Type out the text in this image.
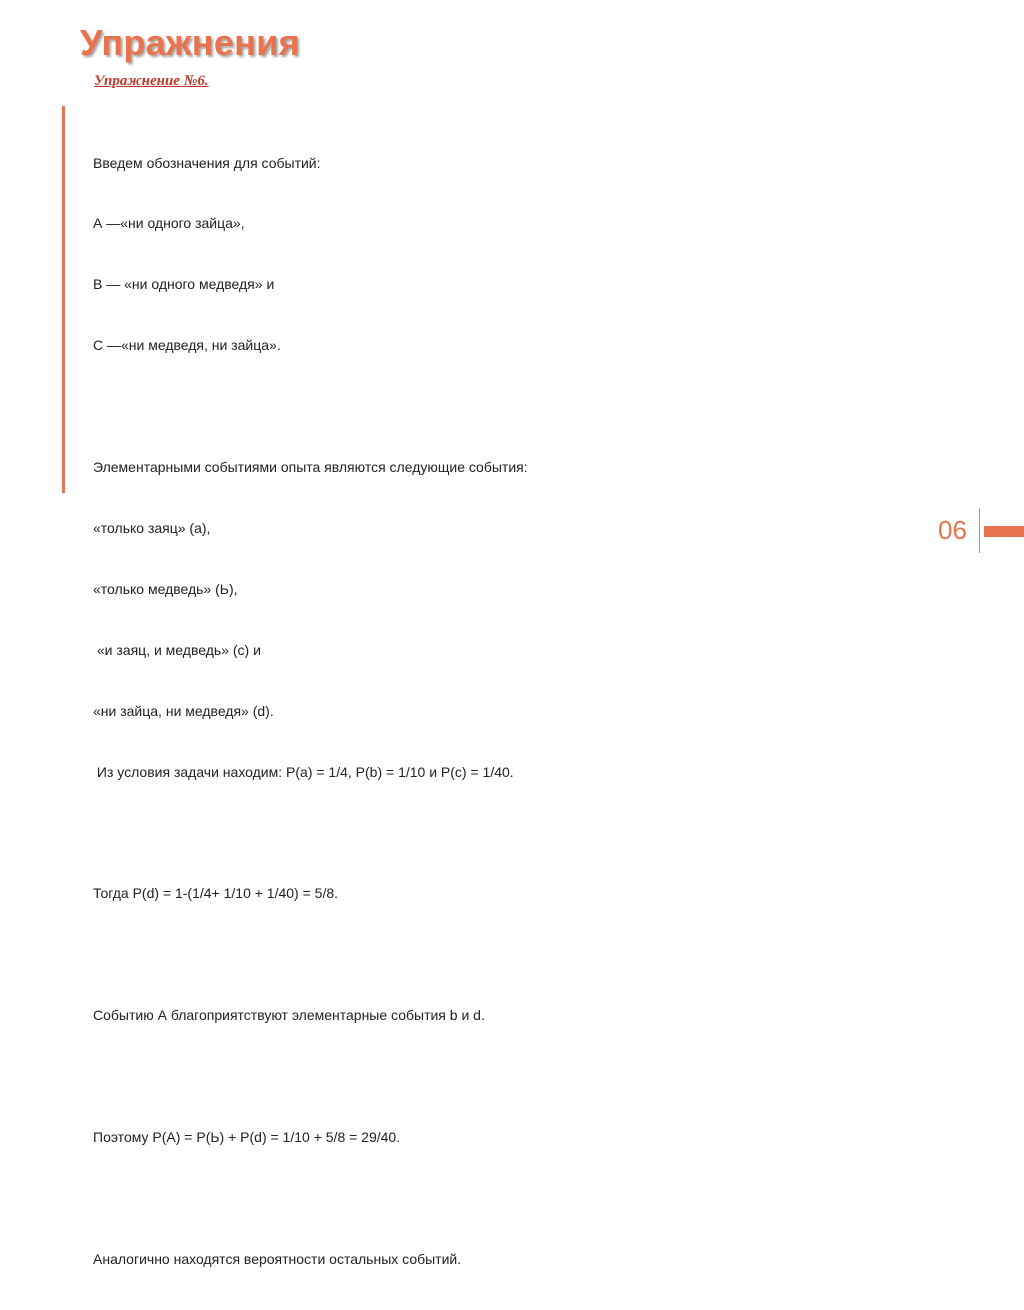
Упражнения
Упражнение №6.

Введем обозначения для событий:

А —«ни одного зайца»,

В — «ни одного медведя» и

С —«ни медведя, ни зайца».

Элементарными событиями опыта являются следующие события:

«только заяц» (а),

«только медведь» (Ь),

«и заяц, и медведь» (с) и

«ни зайца, ни медведя» (d).

Из условия задачи находим: Р(а) = 1/4, Р(b) = 1/10 и Р(с) = 1/40.

Тогда Р(d) = 1-(1/4+ 1/10 + 1/40) = 5/8.

Событию А благоприятствуют элементарные события b и d.

Поэтому Р(А) = Р(Ь) + Р(d) = 1/10 + 5/8 = 29/40.

Аналогично находятся вероятности остальных событий.

06
